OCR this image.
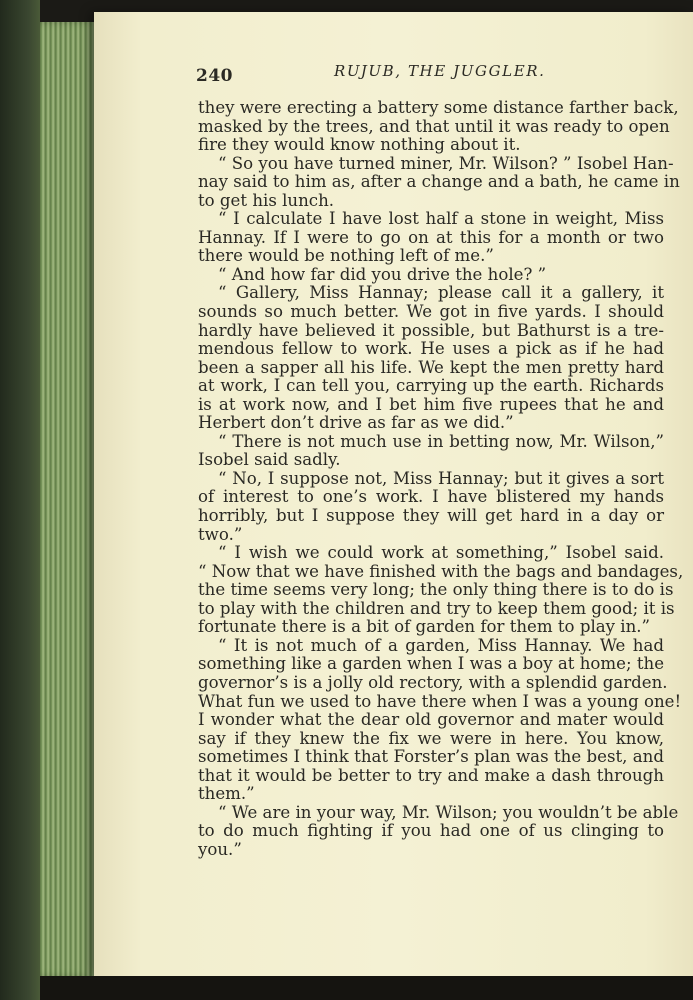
240	RUJUB, THE JUGGLER.
they were erecting a battery some distance farther back,
masked by the trees, and that until it was ready to open
fire they would know nothing about it.
“ So you have turned miner, Mr. Wilson? ” Isobel Han-
nay said to him as, after a change and a bath, he came in
to get his lunch.
“ I calculate I have lost half a stone in weight, Miss
Hannay. If I were to go on at this for a month or two
there would be nothing left of me.”
“ And how far did you drive the hole? ”
“ Gallery, Miss Hannay; please call it a gallery, it
sounds so much better. We got in five yards. I should
hardly have believed it possible, but Bathurst is a tre-
mendous fellow to work. He uses a pick as if he had
been a sapper all his life. We kept the men pretty hard
at work, I can tell you, carrying up the earth. Richards
is at work now, and I bet him five rupees that he and
Herbert don’t drive as far as we did.”
“ There is not much use in betting now, Mr. Wilson,”
Isobel said sadly.
“ No, I suppose not, Miss Hannay; but it gives a sort
of interest to one’s work. I have blistered my hands
horribly, but I suppose they will get hard in a day or
two.”
“ I wish we could work at something,” Isobel said.
“ Now that we have finished with the bags and bandages,
the time seems very long; the only thing there is to do is
to play with the children and try to keep them good; it is
fortunate there is a bit of garden for them to play in.”
“ It is not much of a garden, Miss Hannay. We had
something like a garden when I was a boy at home; the
governor’s is a jolly old rectory, with a splendid garden.
What fun we used to have there when I was a young one!
I wonder what the dear old governor and mater would
say if they knew the fix we were in here. You know,
sometimes I think that Forster’s plan was the best, and
that it would be better to try and make a dash through
them.”
“ We are in your way, Mr. Wilson; you wouldn’t be able
to do much fighting if you had one of us clinging to
you.”
